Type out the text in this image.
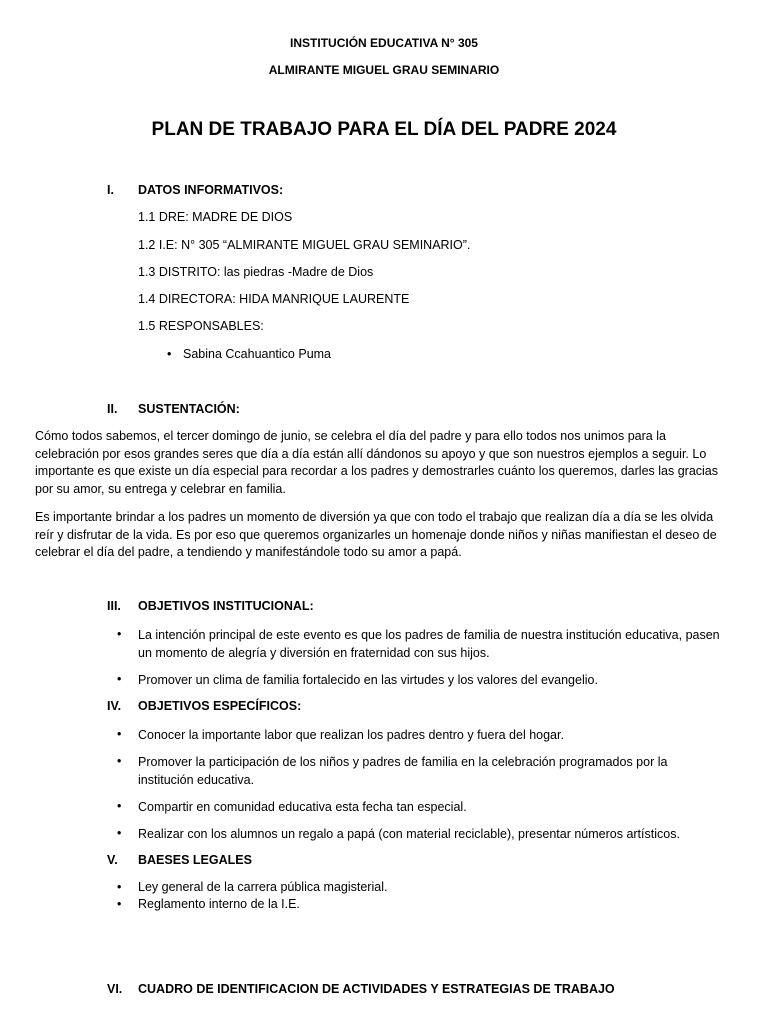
INSTITUCIÓN EDUCATIVA N° 305
ALMIRANTE MIGUEL GRAU SEMINARIO
PLAN DE TRABAJO PARA EL DÍA DEL PADRE 2024
I. DATOS INFORMATIVOS:
1.1 DRE: MADRE DE DIOS
1.2 I.E: N° 305 “ALMIRANTE MIGUEL GRAU SEMINARIO”.
1.3 DISTRITO: las piedras -Madre de Dios
1.4 DIRECTORA: HIDA MANRIQUE LAURENTE
1.5 RESPONSABLES:
• Sabina Ccahuantico Puma
II. SUSTENTACIÓN:
Cómo todos sabemos, el tercer domingo de junio, se celebra el día del padre y para ello todos nos unimos para la celebración por esos grandes seres que día a día están allí dándonos su apoyo y que son nuestros ejemplos a seguir. Lo importante es que existe un día especial para recordar a los padres y demostrarles cuánto los queremos, darles las gracias por su amor, su entrega y celebrar en familia.
Es importante brindar a los padres un momento de diversión ya que con todo el trabajo que realizan día a día se les olvida reír y disfrutar de la vida. Es por eso que queremos organizarles un homenaje donde niños y niñas manifiestan el deseo de celebrar el día del padre, a tendiendo y manifestándole todo su amor a papá.
III. OBJETIVOS INSTITUCIONAL:
• La intención principal de este evento es que los padres de familia de nuestra institución educativa, pasen un momento de alegría y diversión en fraternidad con sus hijos.
• Promover un clima de familia fortalecido en las virtudes y los valores del evangelio.
IV. OBJETIVOS ESPECÍFICOS:
• Conocer la importante labor que realizan los padres dentro y fuera del hogar.
• Promover la participación de los niños y padres de familia en la celebración programados por la institución educativa.
• Compartir en comunidad educativa esta fecha tan especial.
• Realizar con los alumnos un regalo a papá (con material reciclable), presentar números artísticos.
V. BAESES LEGALES
• Ley general de la carrera pública magisterial.
• Reglamento interno de la I.E.
VI. CUADRO DE IDENTIFICACION DE ACTIVIDADES Y ESTRATEGIAS DE TRABAJO
